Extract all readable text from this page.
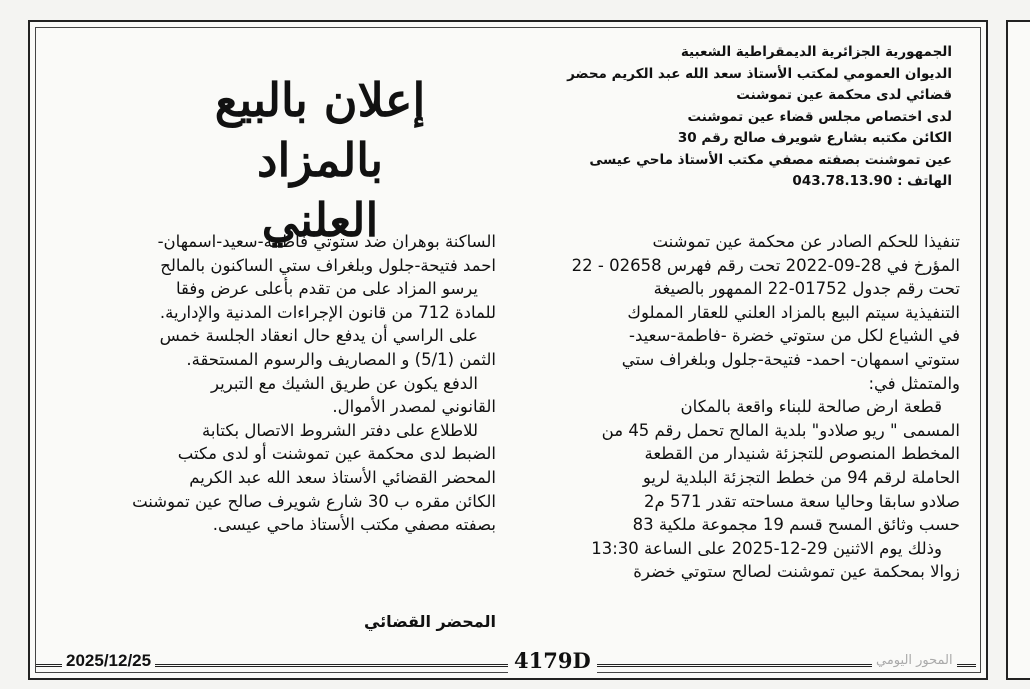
الجمهورية الجزائرية الديمقراطية الشعبية
الديوان العمومي لمكتب الأستاذ سعد الله عبد الكريم محضر
قضائي لدى محكمة عين تموشنت
لدى اختصاص مجلس قضاء عين تموشنت
الكائن مكتبه بشارع شويرف صالح رقم 30
عين تموشنت بصفته مصفي مكتب الأستاذ ماحي عيسى
الهاتف : 043.78.13.90
إعلان بالبيع
بالمزاد العلني	تنفيذا للحكم الصادر عن محكمة عين تموشنت

المؤرخ في 28-09-2022 تحت رقم فهرس 02658 - 22

تحت رقم جدول 01752-22 الممهور بالصيغة

التنفيذية سيتم البيع بالمزاد العلني للعقار المملوك

في الشياع لكل من ستوتي خضرة -فاطمة-سعيد-

ستوتي اسمهان- احمد- فتيحة-جلول وبلغراف ستي

والمتمثل في:

قطعة ارض صالحة للبناء واقعة بالمكان

المسمى " ريو صلادو" بلدية المالح تحمل رقم 45 من

المخطط المنصوص للتجزئة شنيدار من القطعة

الحاملة لرقم 94 من خطط التجزئة البلدية لريو

صلادو سابقا وحاليا سعة مساحته تقدر 571 م2

حسب وثائق المسح قسم 19 مجموعة ملكية 83

وذلك يوم الاثنين 29-12-2025 على الساعة 13:30

زوالا بمحكمة عين تموشنت لصالح ستوتي خضرة

الساكنة بوهران ضد ستوتي فاطمة-سعيد-اسمهان-

احمد فتيحة-جلول وبلغراف ستي الساكنون بالمالح

يرسو المزاد على من تقدم بأعلى عرض وفقا

للمادة 712 من قانون الإجراءات المدنية والإدارية.

على الراسي أن يدفع حال انعقاد الجلسة خمس

الثمن (5/1) و المصاريف والرسوم المستحقة.

الدفع يكون عن طريق الشيك مع التبرير

القانوني لمصدر الأموال.

للاطلاع على دفتر الشروط الاتصال بكتابة

الضبط لدى محكمة عين تموشنت أو لدى مكتب

المحضر القضائي الأستاذ سعد الله عبد الكريم

الكائن مقره ب 30 شارع شويرف صالح عين تموشنت

بصفته مصفي مكتب الأستاذ ماحي عيسى.

المحضر القضائي
2025/12/25	4179D	المحور اليومي
